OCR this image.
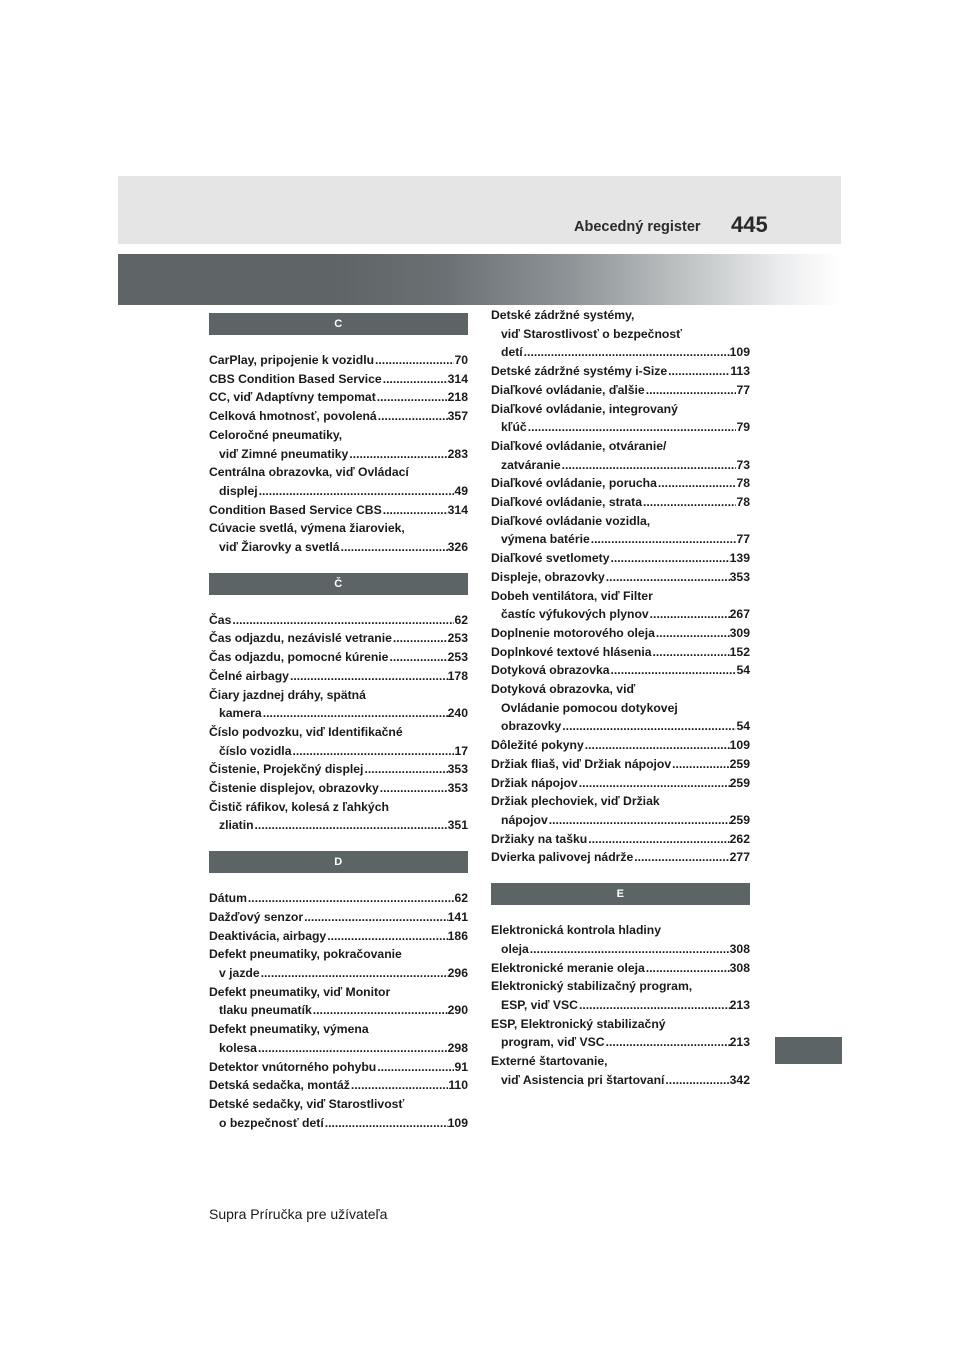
Abecedný register 445
C
CarPlay, pripojenie k vozidlu .....	70
CBS Condition Based Service .....	314
CC, viď Adaptívny tempomat .....	218
Celková hmotnosť, povolená .....	357
Celoročné pneumatiky,
viď Zimné pneumatiky .....	283
Centrálna obrazovka, viď Ovládací
displej .....	49
Condition Based Service CBS .....	314
Cúvacie svetlá, výmena žiaroviek,
viď Žiarovky a svetlá .....	326
Č
Čas .....	62
Čas odjazdu, nezávislé vetranie .....	253
Čas odjazdu, pomocné kúrenie .....	253
Čelné airbagy .....	178
Čiary jazdnej dráhy, spätná
kamera .....	240
Číslo podvozku, viď Identifikačné
číslo vozidla .....	17
Čistenie, Projekčný displej .....	353
Čistenie displejov, obrazovky .....	353
Čistič ráfikov, kolesá z ľahkých
zliatin .....	351
D
Dátum .....	62
Dažďový senzor .....	141
Deaktivácia, airbagy .....	186
Defekt pneumatiky, pokračovanie
v jazde .....	296
Defekt pneumatiky, viď Monitor
tlaku pneumatík .....	290
Defekt pneumatiky, výmena
kolesa .....	298
Detektor vnútorného pohybu .....	91
Detská sedačka, montáž .....	110
Detské sedačky, viď Starostlivosť
o bezpečnosť detí .....	109
Detské zádržné systémy,
viď Starostlivosť o bezpečnosť
detí .....	109
Detské zádržné systémy i-Size .....	113
Diaľkové ovládanie, ďalšie .....	77
Diaľkové ovládanie, integrovaný
kľúč .....	79
Diaľkové ovládanie, otváranie/
zatváranie .....	73
Diaľkové ovládanie, porucha .....	78
Diaľkové ovládanie, strata .....	78
Diaľkové ovládanie vozidla,
výmena batérie .....	77
Diaľkové svetlomety .....	139
Displeje, obrazovky .....	353
Dobeh ventilátora, viď Filter
častíc výfukových plynov .....	267
Doplnenie motorového oleja .....	309
Doplnkové textové hlásenia .....	152
Dotyková obrazovka .....	54
Dotyková obrazovka, viď
Ovládanie pomocou dotykovej
obrazovky .....	54
Dôležité pokyny .....	109
Držiak fliaš, viď Držiak nápojov .....	259
Držiak nápojov .....	259
Držiak plechoviek, viď Držiak
nápojov .....	259
Držiaky na tašku .....	262
Dvierka palivovej nádrže .....	277
E
Elektronická kontrola hladiny
oleja .....	308
Elektronické meranie oleja .....	308
Elektronický stabilizačný program,
ESP, viď VSC .....	213
ESP, Elektronický stabilizačný
program, viď VSC .....	213
Externé štartovanie,
viď Asistencia pri štartovaní .....	342
Supra Príručka pre užívateľa
